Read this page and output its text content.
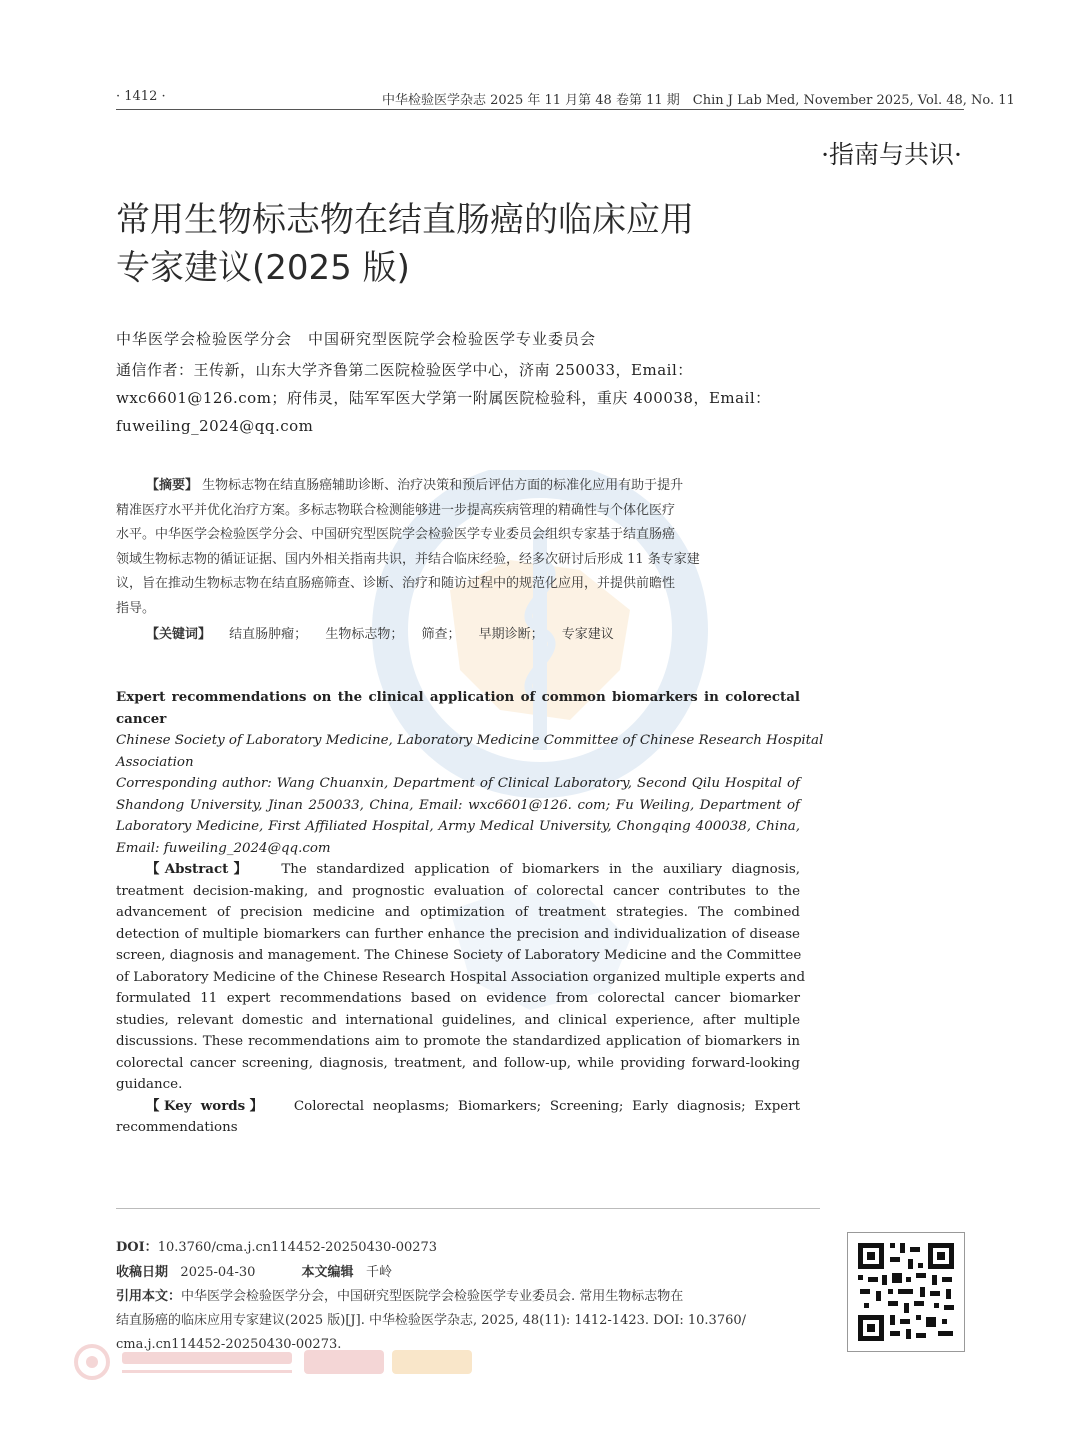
· 1412 ·	中华检验医学杂志 2025 年 11 月第 48 卷第 11 期　Chin J Lab Med, November 2025, Vol. 48, No. 11
·指南与共识·
常用生物标志物在结直肠癌的临床应用
专家建议(2025 版)
中华医学会检验医学分会　中国研究型医院学会检验医学专业委员会
通信作者：王传新，山东大学齐鲁第二医院检验医学中心，济南 250033，Email：
wxc6601@126.com；府伟灵，陆军军医大学第一附属医院检验科，重庆 400038，Email：
fuweiling_2024@qq.com
【摘要】 生物标志物在结直肠癌辅助诊断、治疗决策和预后评估方面的标准化应用有助于提升
精准医疗水平并优化治疗方案。多标志物联合检测能够进一步提高疾病管理的精确性与个体化医疗
水平。中华医学会检验医学分会、中国研究型医院学会检验医学专业委员会组织专家基于结直肠癌
领域生物标志物的循证证据、国内外相关指南共识，并结合临床经验，经多次研讨后形成 11 条专家建
议，旨在推动生物标志物在结直肠癌筛查、诊断、治疗和随访过程中的规范化应用，并提供前瞻性
指导。
【关键词】 结直肠肿瘤； 生物标志物； 筛查； 早期诊断； 专家建议
Expert recommendations on the clinical application of common biomarkers in colorectal
cancer
Chinese Society of Laboratory Medicine, Laboratory Medicine Committee of Chinese Research Hospital
Association
Corresponding author: Wang Chuanxin, Department of Clinical Laboratory, Second Qilu Hospital of
Shandong University, Jinan 250033, China, Email: wxc6601@126. com; Fu Weiling, Department of
Laboratory Medicine, First Affiliated Hospital, Army Medical University, Chongqing 400038, China,
Email: fuweiling_2024@qq.com
【Abstract】 The standardized application of biomarkers in the auxiliary diagnosis,
treatment decision-making, and prognostic evaluation of colorectal cancer contributes to the
advancement of precision medicine and optimization of treatment strategies. The combined
detection of multiple biomarkers can further enhance the precision and individualization of disease
screen, diagnosis and management. The Chinese Society of Laboratory Medicine and the Committee
of Laboratory Medicine of the Chinese Research Hospital Association organized multiple experts and
formulated 11 expert recommendations based on evidence from colorectal cancer biomarker
studies, relevant domestic and international guidelines, and clinical experience, after multiple
discussions. These recommendations aim to promote the standardized application of biomarkers in
colorectal cancer screening, diagnosis, treatment, and follow-up, while providing forward-looking
guidance.
【Key words】 Colorectal neoplasms; Biomarkers; Screening; Early diagnosis; Expert
recommendations
DOI：10.3760/cma.j.cn114452-20250430-00273
收稿日期 2025-04-30	本文编辑 千岭
引用本文：中华医学会检验医学分会，中国研究型医院学会检验医学专业委员会. 常用生物标志物在
结直肠癌的临床应用专家建议(2025 版)[J]. 中华检验医学杂志, 2025, 48(11): 1412-1423. DOI: 10.3760/
cma.j.cn114452-20250430-00273.
